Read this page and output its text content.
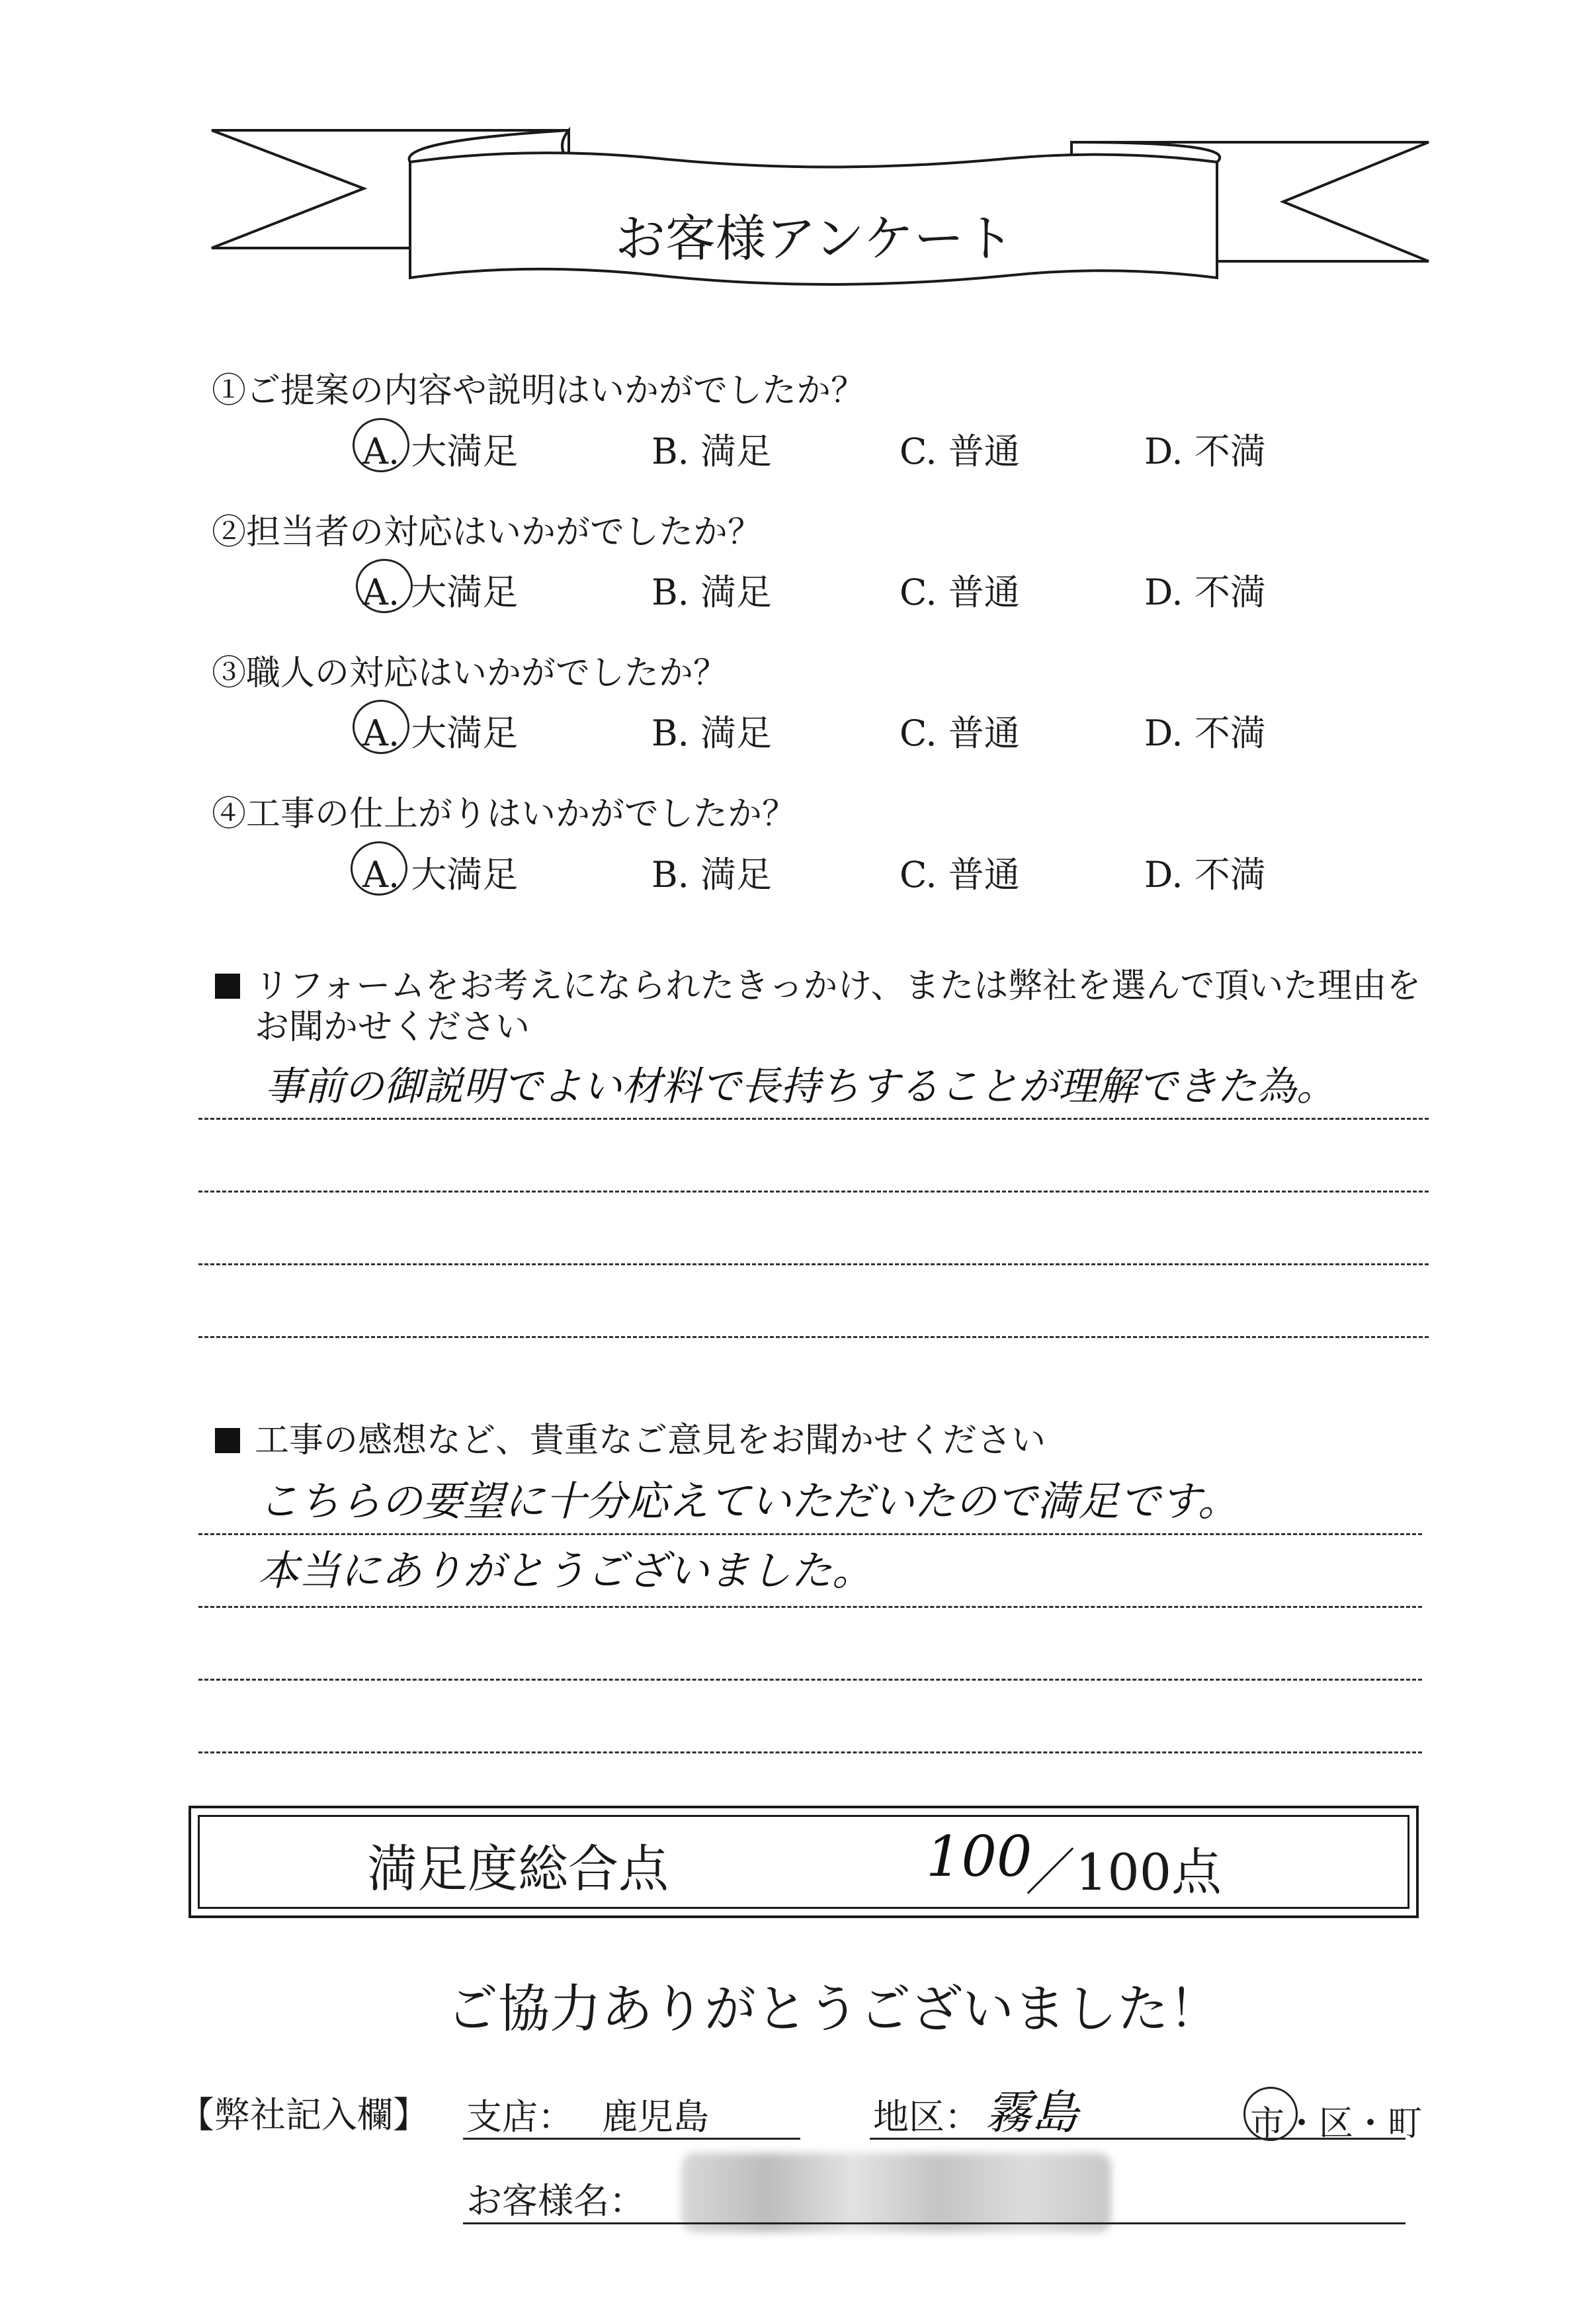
お客様アンケート
①ご提案の内容や説明はいかがでしたか？
A. 大満足	B. 満足	C. 普通	D. 不満
②担当者の対応はいかがでしたか？
A. 大満足	B. 満足	C. 普通	D. 不満
③職人の対応はいかがでしたか？
A. 大満足	B. 満足	C. 普通	D. 不満
④工事の仕上がりはいかがでしたか？
A. 大満足	B. 満足	C. 普通	D. 不満
リフォームをお考えになられたきっかけ、または弊社を選んで頂いた理由を
お聞かせください
事前の御説明でよい材料で長持ちすることが理解できた為。
工事の感想など、貴重なご意見をお聞かせください
こちらの要望に十分応えていただいたので満足です。
本当にありがとうございました。
満足度総合点	100
／100点
ご協力ありがとうございました！
【弊社記入欄】 支店： 鹿児島	地区： 霧島	市・区・町
お客様名：
